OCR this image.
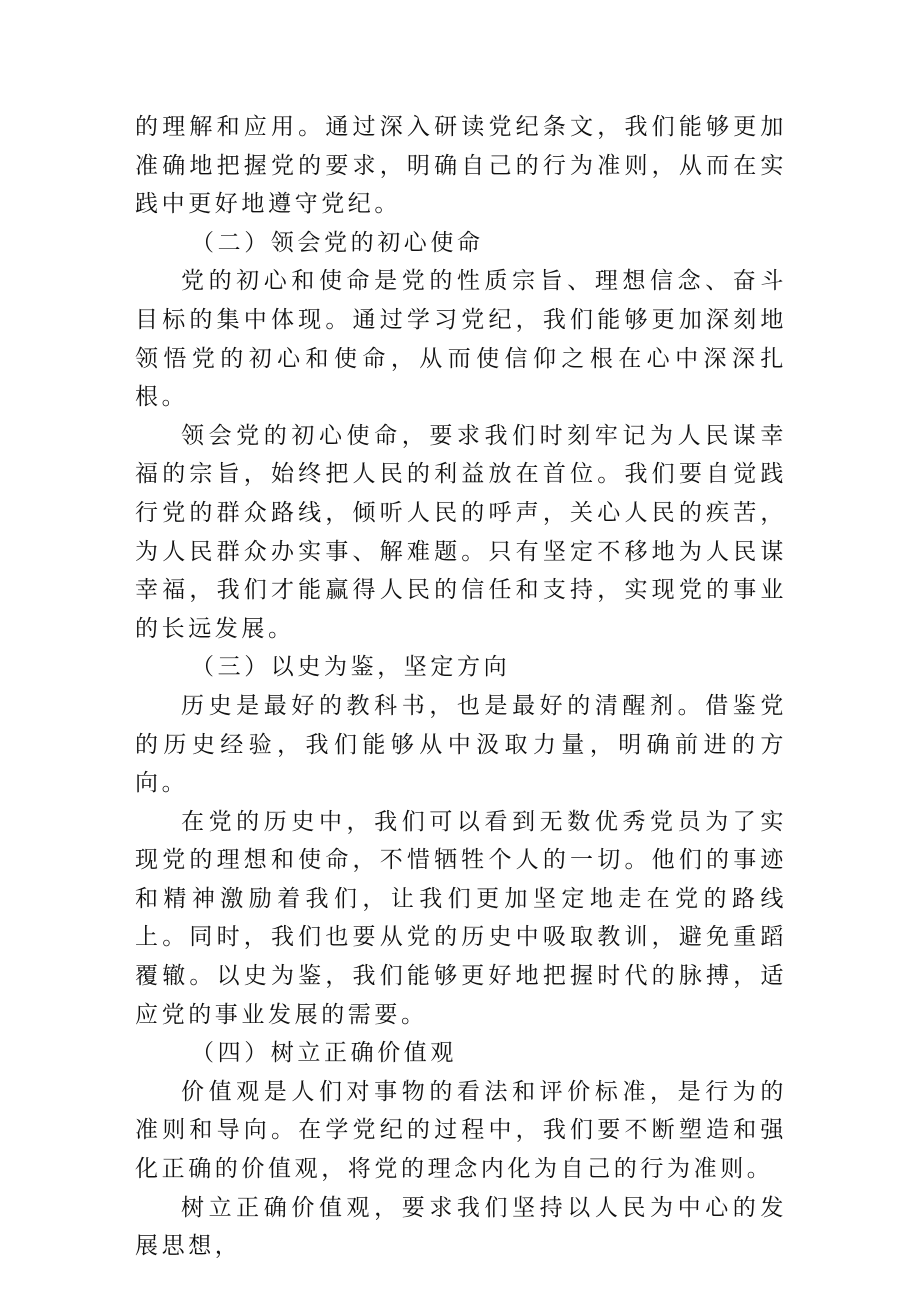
的理解和应用。通过深入研读党纪条文，我们能够更加准确地把握党的要求，明确自己的行为准则，从而在实践中更好地遵守党纪。

（二）领会党的初心使命

党的初心和使命是党的性质宗旨、理想信念、奋斗目标的集中体现。通过学习党纪，我们能够更加深刻地领悟党的初心和使命，从而使信仰之根在心中深深扎根。

领会党的初心使命，要求我们时刻牢记为人民谋幸福的宗旨，始终把人民的利益放在首位。我们要自觉践行党的群众路线，倾听人民的呼声，关心人民的疾苦，为人民群众办实事、解难题。只有坚定不移地为人民谋幸福，我们才能赢得人民的信任和支持，实现党的事业的长远发展。

（三）以史为鉴，坚定方向

历史是最好的教科书，也是最好的清醒剂。借鉴党的历史经验，我们能够从中汲取力量，明确前进的方向。

在党的历史中，我们可以看到无数优秀党员为了实现党的理想和使命，不惜牺牲个人的一切。他们的事迹和精神激励着我们，让我们更加坚定地走在党的路线上。同时，我们也要从党的历史中吸取教训，避免重蹈覆辙。以史为鉴，我们能够更好地把握时代的脉搏，适应党的事业发展的需要。

（四）树立正确价值观

价值观是人们对事物的看法和评价标准，是行为的准则和导向。在学党纪的过程中，我们要不断塑造和强化正确的价值观，将党的理念内化为自己的行为准则。

树立正确价值观，要求我们坚持以人民为中心的发展思想，
